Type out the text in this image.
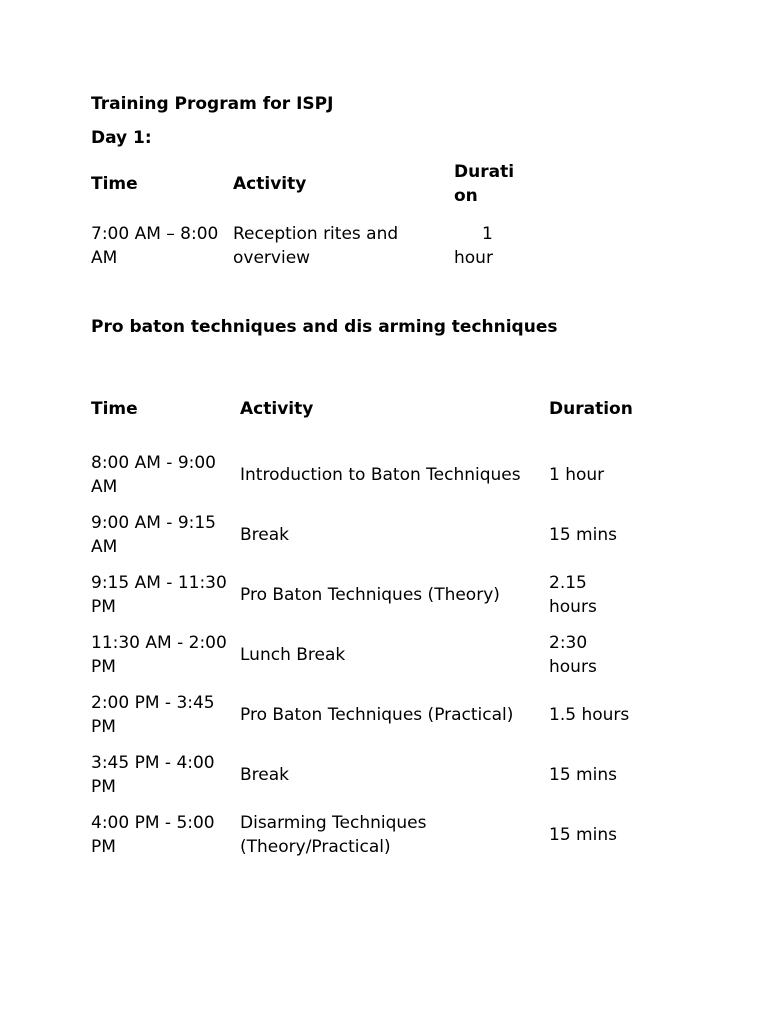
Training Program for ISPJ
Day 1:
Time	Activity	Duration
7:00 AM – 8:00 AM	Reception rites and overview	1 hour
Pro baton techniques and dis arming techniques
Time	Activity	Duration
8:00 AM - 9:00 AM	Introduction to Baton Techniques	1 hour
9:00 AM - 9:15 AM	Break	15 mins
9:15 AM - 11:30 PM	Pro Baton Techniques (Theory)	2.15 hours
11:30 AM - 2:00 PM	Lunch Break	2:30 hours
2:00 PM - 3:45 PM	Pro Baton Techniques (Practical)	1.5 hours
3:45 PM - 4:00 PM	Break	15 mins
4:00 PM - 5:00 PM	Disarming Techniques (Theory/Practical)	15 mins
